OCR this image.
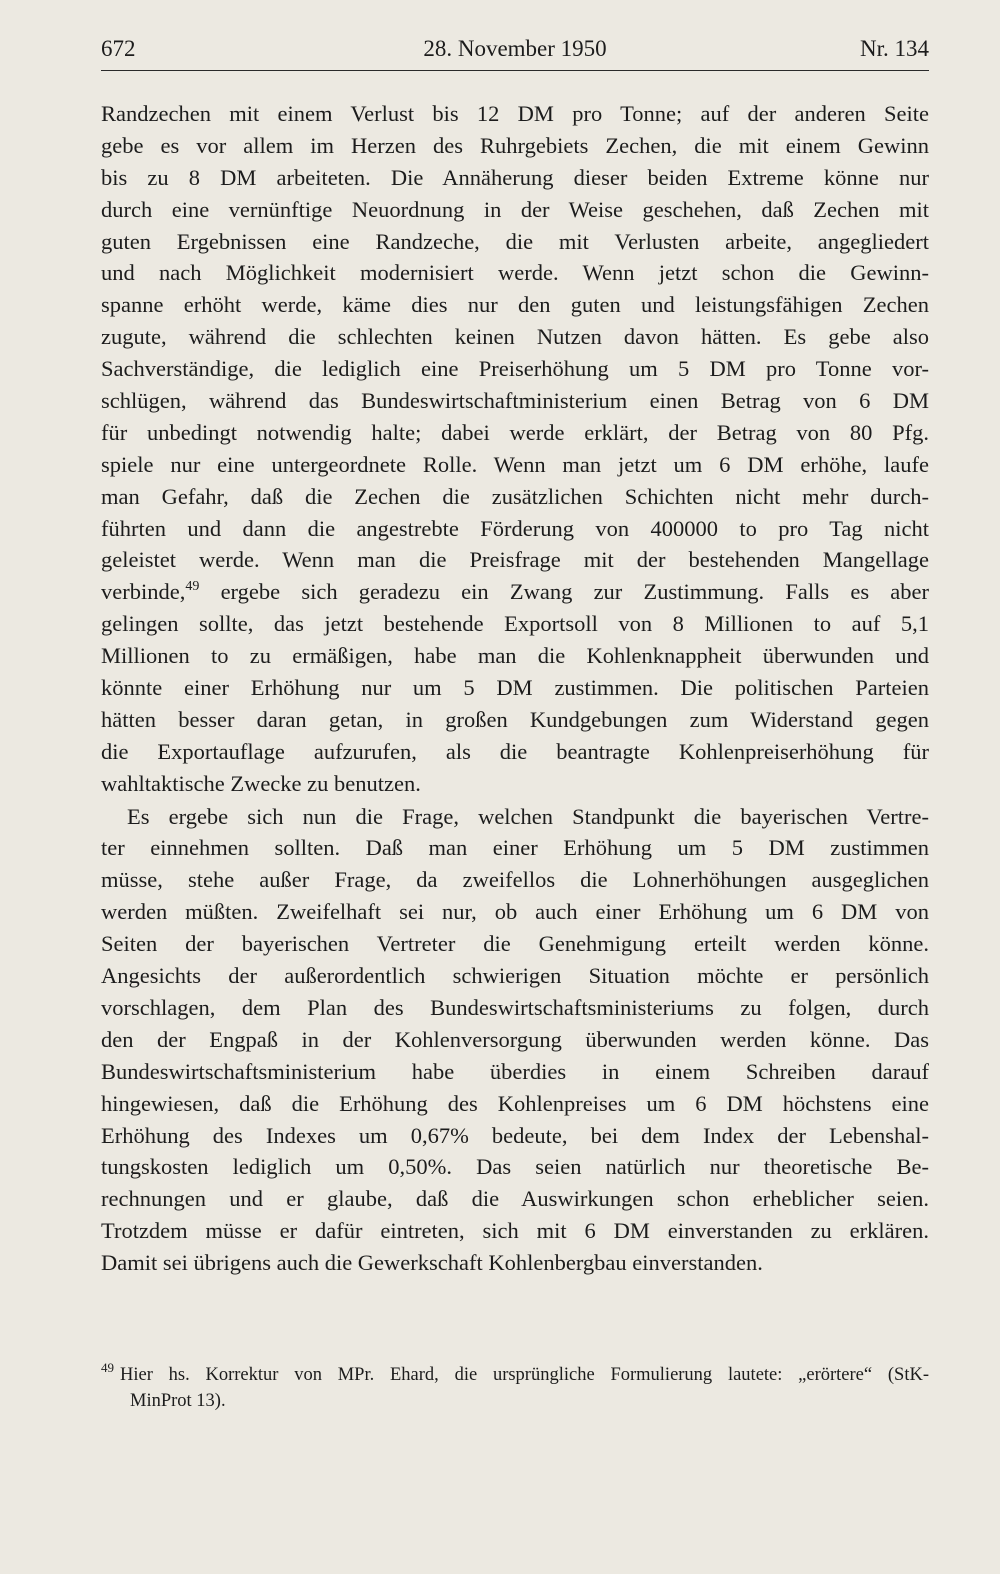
672	28. November 1950	Nr. 134
Randzechen mit einem Verlust bis 12 DM pro Tonne; auf der anderen Seite
gebe es vor allem im Herzen des Ruhrgebiets Zechen, die mit einem Gewinn
bis zu 8 DM arbeiteten. Die Annäherung dieser beiden Extreme könne nur
durch eine vernünftige Neuordnung in der Weise geschehen, daß Zechen mit
guten Ergebnissen eine Randzeche, die mit Verlusten arbeite, angegliedert
und nach Möglichkeit modernisiert werde. Wenn jetzt schon die Gewinn-
spanne erhöht werde, käme dies nur den guten und leistungsfähigen Zechen
zugute, während die schlechten keinen Nutzen davon hätten. Es gebe also
Sachverständige, die lediglich eine Preiserhöhung um 5 DM pro Tonne vor-
schlügen, während das Bundeswirtschaftministerium einen Betrag von 6 DM
für unbedingt notwendig halte; dabei werde erklärt, der Betrag von 80 Pfg.
spiele nur eine untergeordnete Rolle. Wenn man jetzt um 6 DM erhöhe, laufe
man Gefahr, daß die Zechen die zusätzlichen Schichten nicht mehr durch-
führten und dann die angestrebte Förderung von 400000 to pro Tag nicht
geleistet werde. Wenn man die Preisfrage mit der bestehenden Mangellage
verbinde,$^{49}$ ergebe sich geradezu ein Zwang zur Zustimmung. Falls es aber
gelingen sollte, das jetzt bestehende Exportsoll von 8 Millionen to auf 5,1
Millionen to zu ermäßigen, habe man die Kohlenknappheit überwunden und
könnte einer Erhöhung nur um 5 DM zustimmen. Die politischen Parteien
hätten besser daran getan, in großen Kundgebungen zum Widerstand gegen
die Exportauflage aufzurufen, als die beantragte Kohlenpreiserhöhung für
wahltaktische Zwecke zu benutzen.
Es ergebe sich nun die Frage, welchen Standpunkt die bayerischen Vertre-
ter einnehmen sollten. Daß man einer Erhöhung um 5 DM zustimmen
müsse, stehe außer Frage, da zweifellos die Lohnerhöhungen ausgeglichen
werden müßten. Zweifelhaft sei nur, ob auch einer Erhöhung um 6 DM von
Seiten der bayerischen Vertreter die Genehmigung erteilt werden könne.
Angesichts der außerordentlich schwierigen Situation möchte er persönlich
vorschlagen, dem Plan des Bundeswirtschaftsministeriums zu folgen, durch
den der Engpaß in der Kohlenversorgung überwunden werden könne. Das
Bundeswirtschaftsministerium habe überdies in einem Schreiben darauf
hingewiesen, daß die Erhöhung des Kohlenpreises um 6 DM höchstens eine
Erhöhung des Indexes um 0,67% bedeute, bei dem Index der Lebenshal-
tungskosten lediglich um 0,50%. Das seien natürlich nur theoretische Be-
rechnungen und er glaube, daß die Auswirkungen schon erheblicher seien.
Trotzdem müsse er dafür eintreten, sich mit 6 DM einverstanden zu erklären.
Damit sei übrigens auch die Gewerkschaft Kohlenbergbau einverstanden.
$^{49}$ Hier hs. Korrektur von MPr. Ehard, die ursprüngliche Formulierung lautete: „erörtere“ (StK-
MinProt 13).
